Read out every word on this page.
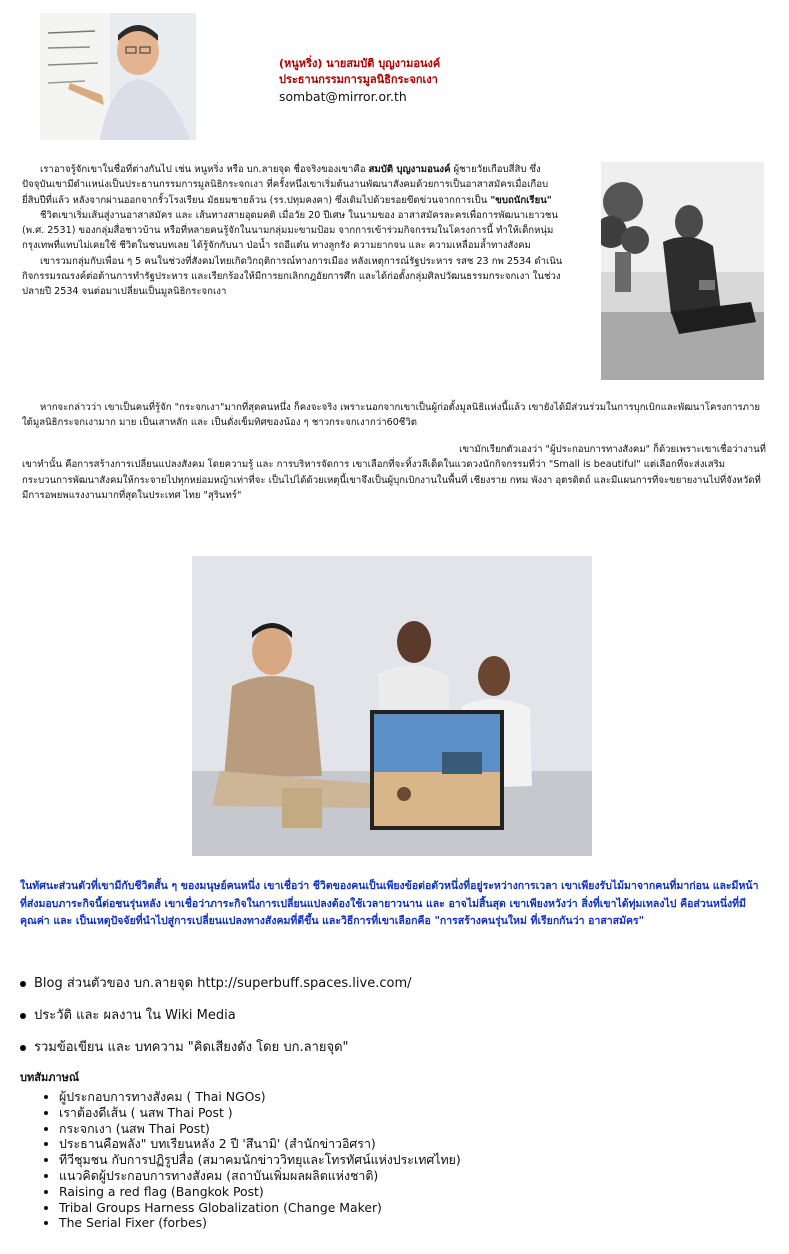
(หนูหริ่ง) นายสมบัติ บุญงามอนงค์
ประธานกรรมการมูลนิธิกระจกเงา
sombat@mirror.or.th

เราอาจรู้จักเขาในชื่อที่ต่างกันไป เช่น หนูหริ่ง หรือ บก.ลายจุด ชื่อจริงของเขาคือ สมบัติ บุญงามอนงค์ ผู้ชายวัยเกือบสี่สิบ ซึ่งปัจจุบันเขามีตำแหน่งเป็นประธานกรรมการมูลนิธิกระจกเงา ที่ครั้งหนึ่งเขาเริ่มต้นงานพัฒนาสังคมด้วยการเป็นอาสาสมัครเมื่อเกือบ ยี่สิบปีที่แล้ว หลังจากผ่านออกจากรั้วโรงเรียน มัธยมชายล้วน (รร.ปทุมคงคา) ซึ่งเดิมไปด้วยรอยขีดข่วนจากการเป็น "ขบถนักเรียน"

ชีวิตเขาเริ่มเส้นสู่งานอาสาสมัคร และ เส้นทางสายอุดมคติ เมื่อวัย 20 ปีเศษ ในนามของ อาสาสมัครละครเพื่อการพัฒนาเยาวชน (พ.ศ. 2531) ของกลุ่มสื่อชาวบ้าน หรือที่หลายคนรู้จักในนามกลุ่มมะขามป้อม จากการเข้าร่วมกิจกรรมในโครงการนี้ ทำให้เด็กหนุ่มกรุงเทพที่แทบไม่เคยใช้ ชีวิตในชนบทเลย ได้รู้จักกับนา ป่อน้ำ รถอีแต๋น ทางลูกรัง ความยากจน และ ความเหลื่อมล้ำทางสังคม

เขารวมกลุ่มกับเพื่อน ๆ 5 คนในช่วงที่สังคมไทยเกิดวิกฤติการณ์ทางการเมือง หลังเหตุการณ์รัฐประหาร รสช 23 กพ 2534 ดำเนินกิจกรรมรณรงค์ต่อต้านการทำรัฐประหาร และเรียกร้องให้มีการยกเลิกกฎอัยการศึก และได้ก่อตั้งกลุ่มศิลปวัฒนธรรมกระจกเงา ในช่วงปลายปี 2534 จนต่อมาเปลี่ยนเป็นมูลนิธิกระจกเงา

หากจะกล่าวว่า เขาเป็นคนที่รู้จัก "กระจกเงา"มากที่สุดคนหนึ่ง ก็คงจะจริง เพราะนอกจากเขาเป็นผู้ก่อตั้งมูลนิธิแห่งนี้แล้ว เขายังได้มีส่วนร่วมในการบุกเบิกและพัฒนาโครงการภายใต้มูลนิธิกระจกเงามาก มาย เป็นเสาหลัก และ เป็นดั่งเข็มทิศของน้อง ๆ ชาวกระจกเงากว่า60ชีวิต

เขามักเรียกตัวเองว่า "ผู้ประกอบการทางสังคม" ก็ด้วยเพราะเขาเชื่อว่างานที่
เขาทำนั้น คือการสร้างการเปลี่ยนแปลงสังคม โดยความรู้ และ การบริหารจัดการ เขาเลือกที่จะทิ้งวลีเด็ดในแวดวงนักกิจกรรมที่ว่า "Small is beautiful" แต่เลือกที่จะส่งเสริมกระบวนการพัฒนาสังคมให้กระจายไปทุกหย่อมหญ้าเท่าที่จะ เป็นไปได้ด้วยเหตุนี้เขาจึงเป็นผู้บุกเบิกงานในพื้นที่ เชียงราย กทม พังงา อุตรดิตถ์ และมีแผนการที่จะขยายงานไปที่จังหวัดที่มีการอพยพแรงงานมากที่สุดในประเทศ ไทย "สุรินทร์"
ในทัศนะส่วนตัวที่เขามีกับชีวิตสั้น ๆ ของมนุษย์คนหนึ่ง เขาเชื่อว่า ชีวิตของคนเป็นเพียงข้อต่อตัวหนึ่งที่อยู่ระหว่างการเวลา เขาเพียงรับไม้มาจากคนที่มาก่อน และมีหน้าที่ส่งมอบภาระกิจนี้ต่อชนรุ่นหลัง เขาเชื่อว่าภาระกิจในการเปลี่ยนแปลงต้องใช้เวลายาวนาน และ อาจไม่สิ้นสุด เขาเพียงหวังว่า สิ่งที่เขาได้ทุ่มเทลงไป คือส่วนหนึ่งที่มีคุณค่า และ เป็นเหตุปัจจัยที่นำไปสู่การเปลี่ยนแปลงทางสังคมที่ดีขึ้น และวิธีการที่เขาเลือกคือ "การสร้างคนรุ่นใหม่ ที่เรียกกันว่า อาสาสมัคร"
Blog ส่วนตัวของ บก.ลายจุด http://superbuff.spaces.live.com/
ประวัติ และ ผลงาน ใน Wiki Media
รวมข้อเขียน และ บทความ "คิดเสียงดัง โดย บก.ลายจุด"
บทสัมภาษณ์
• ผู้ประกอบการทางสังคม ( Thai NGOs)
• เราต้องดีเส้น ( นสพ Thai Post )
• กระจกเงา (นสพ Thai Post)
• ประธานคือพลัง" บทเรียนหลัง 2 ปี 'สึนามิ' (สำนักข่าวอิศรา)
• ทีวีชุมชน กับการปฏิรูปสื่อ (สมาคมนักข่าววิทยุและโทรทัศน์แห่งประเทศไทย)
• แนวคิดผู้ประกอบการทางสังคม (สถาบันเพิ่มผลผลิตแห่งชาติ)
• Raising a red flag (Bangkok Post)
• Tribal Groups Harness Globalization (Change Maker)
• The Serial Fixer (forbes)
